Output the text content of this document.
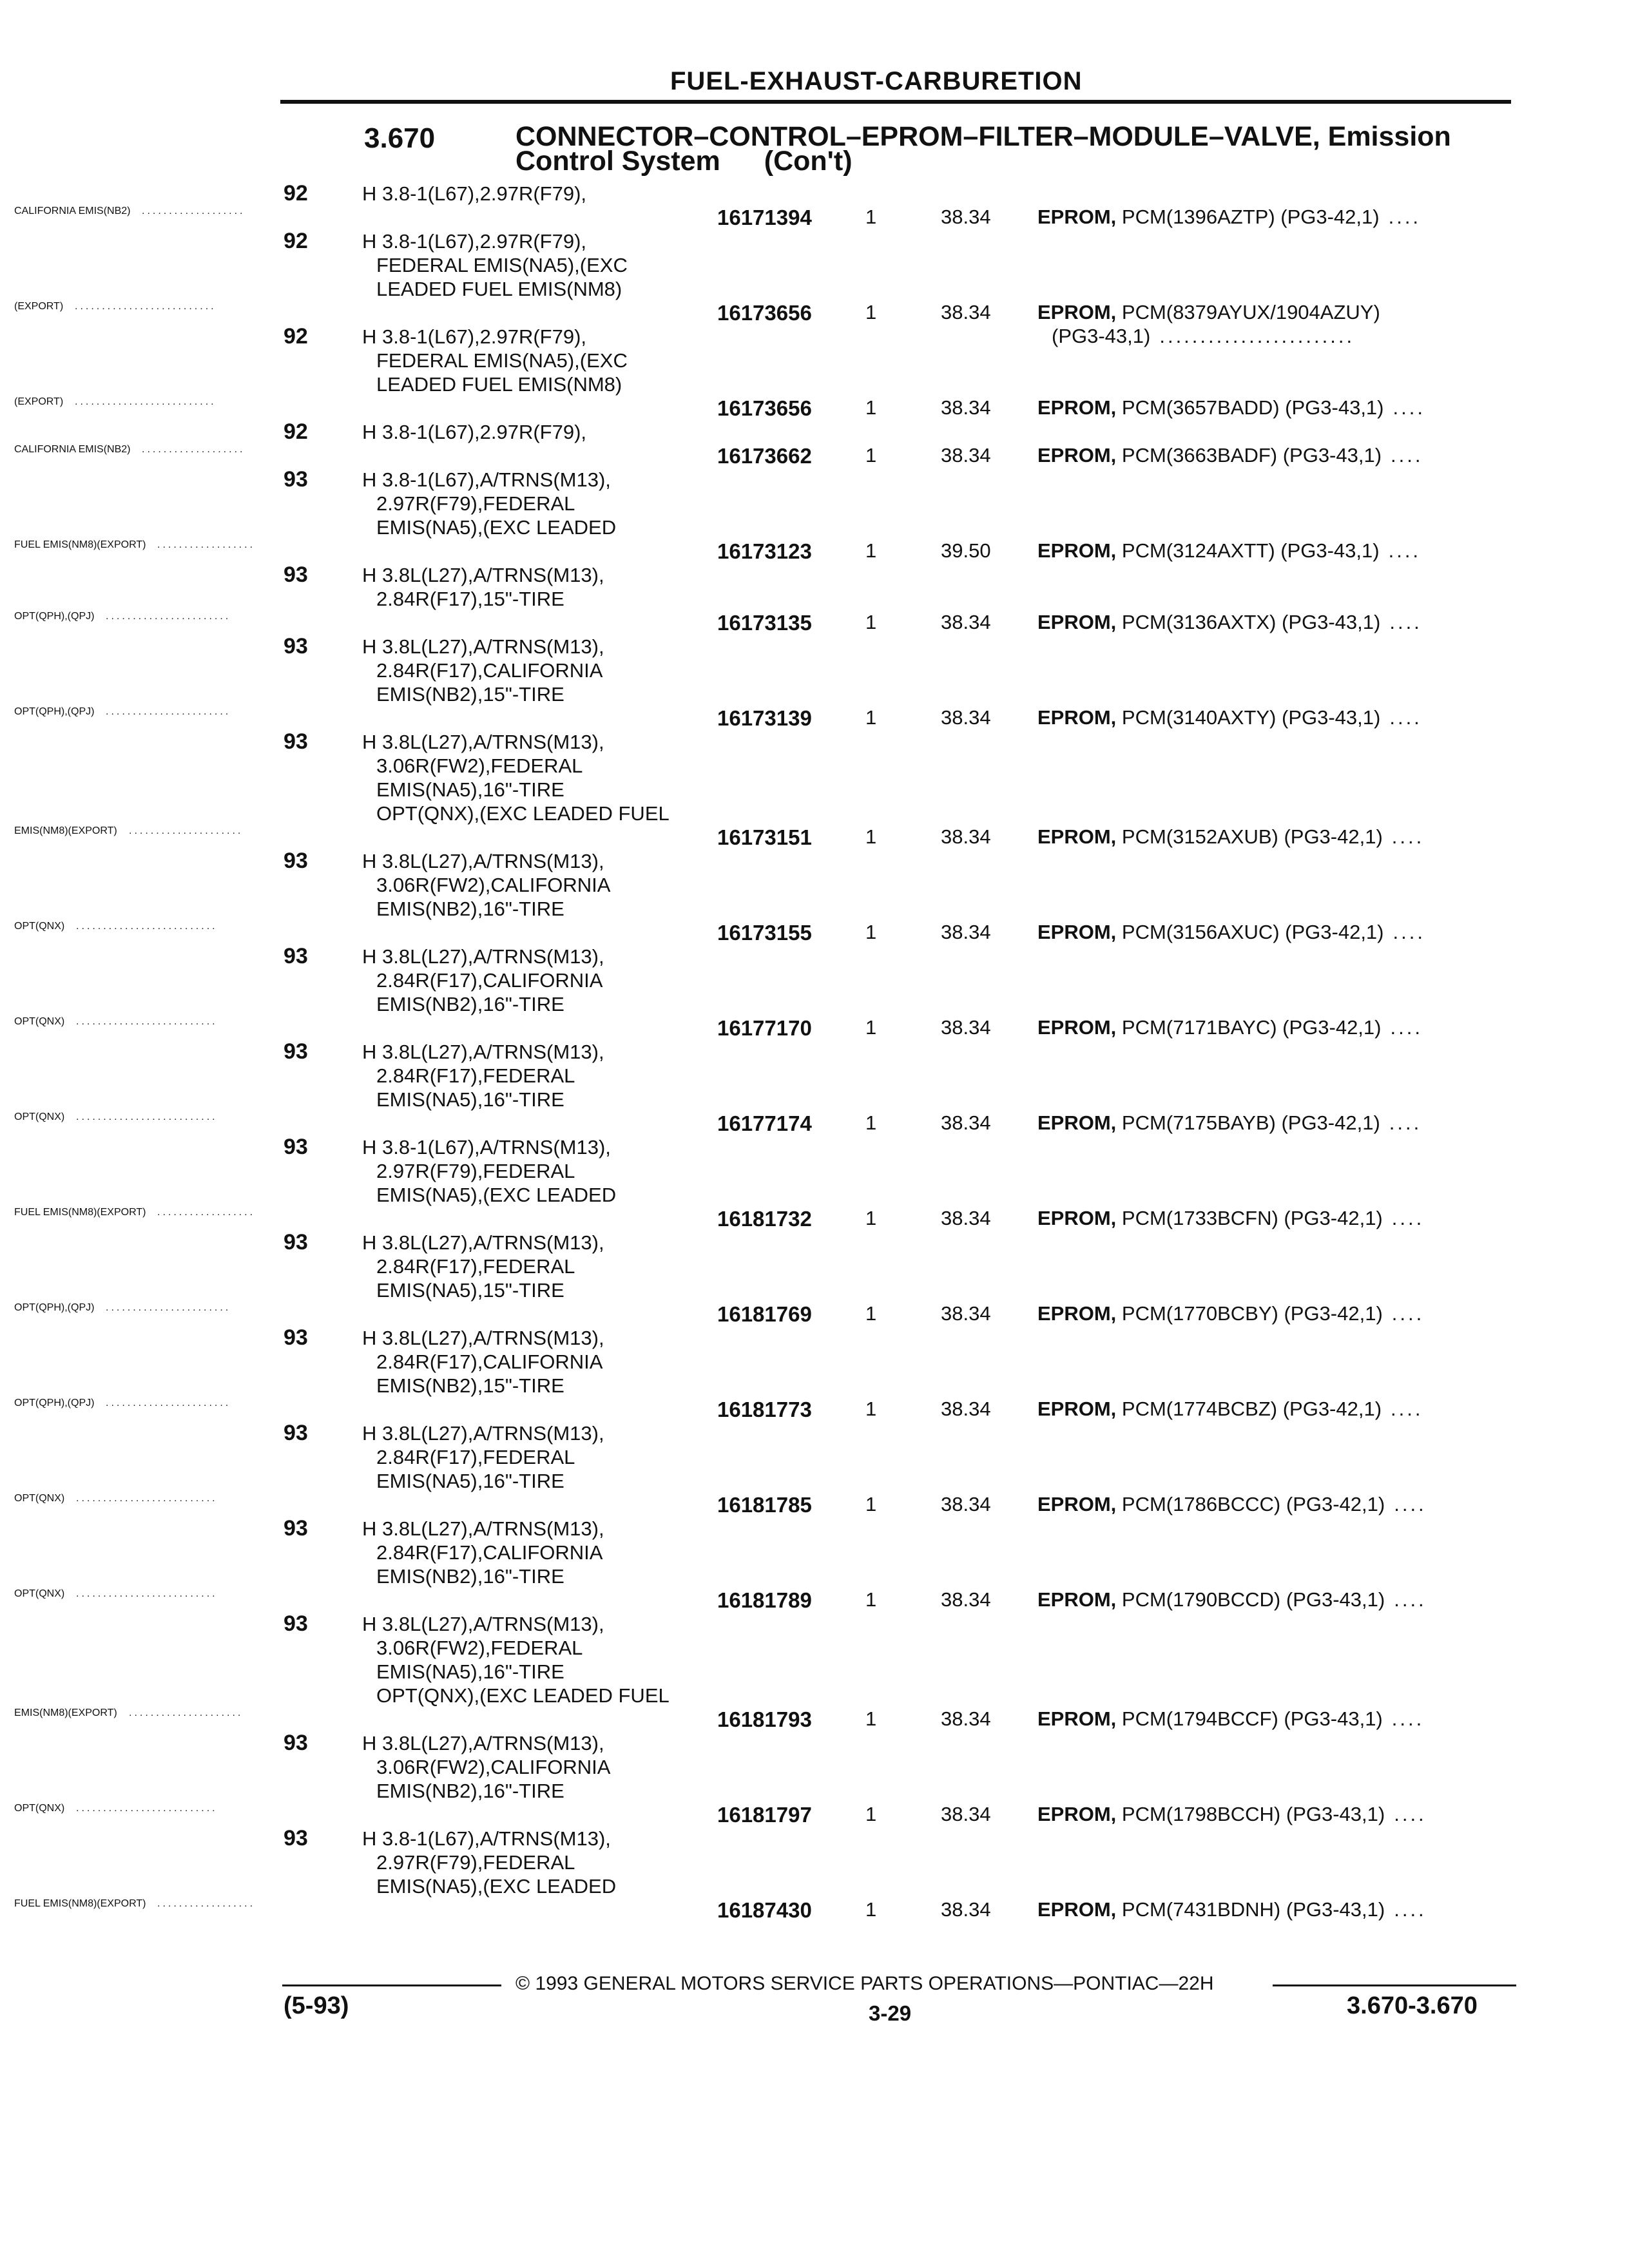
FUEL-EXHAUST-CARBURETION
3.670	CONNECTOR–CONTROL–EPROM–FILTER–MODULE–VALVE, Emission
Control System (Con't)
92	H 3.8-1(L67),2.97R(F79),
CALIFORNIA EMIS(NB2) ...................	16171394	1	38.34 EPROM, PCM(1396AZTP) (PG3-42,1) ....
92	H 3.8-1(L67),2.97R(F79),
FEDERAL EMIS(NA5),(EXC
LEADED FUEL EMIS(NM8)
(EXPORT) ..........................	16173656	1	38.34 EPROM, PCM(8379AYUX/1904AZUY)
(PG3-43,1) ........................
92	H 3.8-1(L67),2.97R(F79),
FEDERAL EMIS(NA5),(EXC
LEADED FUEL EMIS(NM8)
(EXPORT) ..........................	16173656	1	38.34 EPROM, PCM(3657BADD) (PG3-43,1) ....
92	H 3.8-1(L67),2.97R(F79),
CALIFORNIA EMIS(NB2) ...................	16173662	1	38.34 EPROM, PCM(3663BADF) (PG3-43,1) ....
93	H 3.8-1(L67),A/TRNS(M13),
2.97R(F79),FEDERAL
EMIS(NA5),(EXC LEADED
FUEL EMIS(NM8)(EXPORT) ..................	16173123	1	39.50 EPROM, PCM(3124AXTT) (PG3-43,1) ....
93	H 3.8L(L27),A/TRNS(M13),
2.84R(F17),15"-TIRE
OPT(QPH),(QPJ) .......................	16173135	1	38.34 EPROM, PCM(3136AXTX) (PG3-43,1) ....
93	H 3.8L(L27),A/TRNS(M13),
2.84R(F17),CALIFORNIA
EMIS(NB2),15"-TIRE
OPT(QPH),(QPJ) .......................	16173139	1	38.34 EPROM, PCM(3140AXTY) (PG3-43,1) ....
93	H 3.8L(L27),A/TRNS(M13),
3.06R(FW2),FEDERAL
EMIS(NA5),16"-TIRE
OPT(QNX),(EXC LEADED FUEL
EMIS(NM8)(EXPORT) .....................	16173151	1	38.34 EPROM, PCM(3152AXUB) (PG3-42,1) ....
93	H 3.8L(L27),A/TRNS(M13),
3.06R(FW2),CALIFORNIA
EMIS(NB2),16"-TIRE
OPT(QNX) ..........................	16173155	1	38.34 EPROM, PCM(3156AXUC) (PG3-42,1) ....
93	H 3.8L(L27),A/TRNS(M13),
2.84R(F17),CALIFORNIA
EMIS(NB2),16"-TIRE
OPT(QNX) ..........................	16177170	1	38.34 EPROM, PCM(7171BAYC) (PG3-42,1) ....
93	H 3.8L(L27),A/TRNS(M13),
2.84R(F17),FEDERAL
EMIS(NA5),16"-TIRE
OPT(QNX) ..........................	16177174	1	38.34 EPROM, PCM(7175BAYB) (PG3-42,1) ....
93	H 3.8-1(L67),A/TRNS(M13),
2.97R(F79),FEDERAL
EMIS(NA5),(EXC LEADED
FUEL EMIS(NM8)(EXPORT) ..................	16181732	1	38.34 EPROM, PCM(1733BCFN) (PG3-42,1) ....
93	H 3.8L(L27),A/TRNS(M13),
2.84R(F17),FEDERAL
EMIS(NA5),15"-TIRE
OPT(QPH),(QPJ) .......................	16181769	1	38.34 EPROM, PCM(1770BCBY) (PG3-42,1) ....
93	H 3.8L(L27),A/TRNS(M13),
2.84R(F17),CALIFORNIA
EMIS(NB2),15"-TIRE
OPT(QPH),(QPJ) .......................	16181773	1	38.34 EPROM, PCM(1774BCBZ) (PG3-42,1) ....
93	H 3.8L(L27),A/TRNS(M13),
2.84R(F17),FEDERAL
EMIS(NA5),16"-TIRE
OPT(QNX) ..........................	16181785	1	38.34 EPROM, PCM(1786BCCC) (PG3-42,1) ....
93	H 3.8L(L27),A/TRNS(M13),
2.84R(F17),CALIFORNIA
EMIS(NB2),16"-TIRE
OPT(QNX) ..........................	16181789	1	38.34 EPROM, PCM(1790BCCD) (PG3-43,1) ....
93	H 3.8L(L27),A/TRNS(M13),
3.06R(FW2),FEDERAL
EMIS(NA5),16"-TIRE
OPT(QNX),(EXC LEADED FUEL
EMIS(NM8)(EXPORT) .....................	16181793	1	38.34 EPROM, PCM(1794BCCF) (PG3-43,1) ....
93	H 3.8L(L27),A/TRNS(M13),
3.06R(FW2),CALIFORNIA
EMIS(NB2),16"-TIRE
OPT(QNX) ..........................	16181797	1	38.34 EPROM, PCM(1798BCCH) (PG3-43,1) ....
93	H 3.8-1(L67),A/TRNS(M13),
2.97R(F79),FEDERAL
EMIS(NA5),(EXC LEADED
FUEL EMIS(NM8)(EXPORT) ..................	16187430	1	38.34 EPROM, PCM(7431BDNH) (PG3-43,1) ....
© 1993 GENERAL MOTORS SERVICE PARTS OPERATIONS—PONTIAC—22H
(5-93)	3-29	3.670-3.670
